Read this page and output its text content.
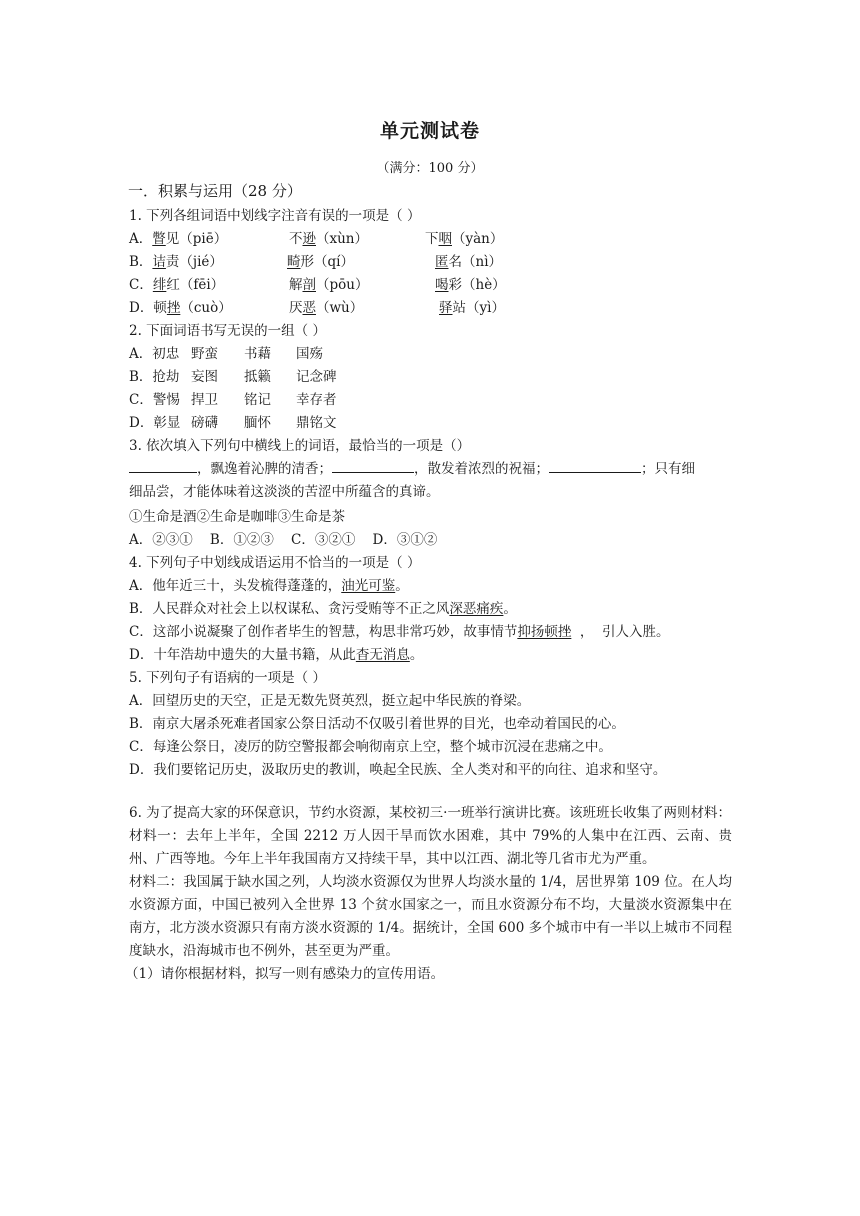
单元测试卷
（满分：100 分）
一．积累与运用（28 分）
1. 下列各组词语中划线字注音有误的一项是（ ）
A．瞥见（piē）	不逊（xùn）	下咽（yàn）
B．诘责（jié）	畸形（qí）	匿名（nì）
C．绯红（fēi）	解剖（pōu）	喝彩（hè）
D．顿挫（cuò）	厌恶（wù）	驿站（yì）
2. 下面词语书写无误的一组（ ）
A．初忠 野蛮 书藉 国殇
B．抢劫 妄图 抵籁 记念碑
C．警惕 捍卫 铭记 幸存者
D．彰显 磅礴 腼怀 鼎铭文
3. 依次填入下列句中横线上的词语，最恰当的一项是（）
，飘逸着沁脾的清香；	，散发着浓烈的祝福；	；只有细
细品尝，才能体味着这淡淡的苦涩中所蕴含的真谛。
①生命是酒②生命是咖啡③生命是茶
A．②③①    B．①②③    C．③②①    D．③①②
4. 下列句子中划线成语运用不恰当的一项是（ ）
A．他年近三十，头发梳得蓬蓬的，油光可鉴。
B．人民群众对社会上以权谋私、贪污受贿等不正之风深恶痛疾。
C．这部小说凝聚了创作者毕生的智慧，构思非常巧妙，故事情节抑扬顿挫  ，  引人入胜。
D．十年浩劫中遗失的大量书籍，从此杳无消息。
5. 下列句子有语病的一项是（ ）
A．回望历史的天空，正是无数先贤英烈，挺立起中华民族的脊梁。
B．南京大屠杀死难者国家公祭日活动不仅吸引着世界的目光，也牵动着国民的心。
C．每逢公祭日，凌厉的防空警报都会响彻南京上空，整个城市沉浸在悲痛之中。
D．我们要铭记历史，汲取历史的教训，唤起全民族、全人类对和平的向往、追求和坚守。
6. 为了提高大家的环保意识，节约水资源，某校初三·一班举行演讲比赛。该班班长收集了两则材料：
材料一：去年上半年，全国 2212 万人因干旱而饮水困难，其中 79%的人集中在江西、云南、贵州、广西等地。今年上半年我国南方又持续干旱，其中以江西、湖北等几省市尤为严重。
材料二：我国属于缺水国之列，人均淡水资源仅为世界人均淡水量的 1/4，居世界第 109 位。在人均水资源方面，中国已被列入全世界 13 个贫水国家之一，而且水资源分布不均，大量淡水资源集中在南方，北方淡水资源只有南方淡水资源的 1/4。据统计，全国 600 多个城市中有一半以上城市不同程度缺水，沿海城市也不例外，甚至更为严重。
（1）请你根据材料，拟写一则有感染力的宣传用语。
